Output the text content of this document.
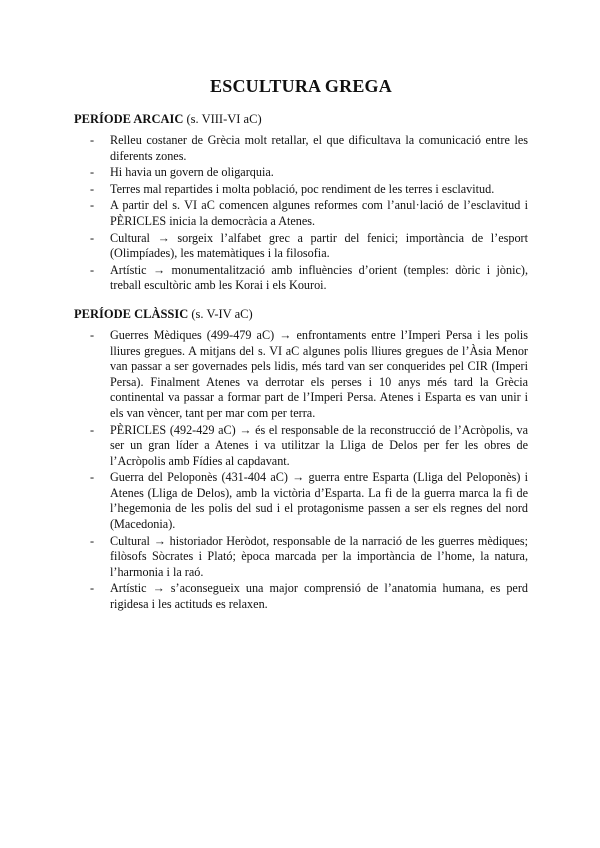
ESCULTURA GREGA
PERÍODE ARCAIC (s. VIII-VI aC)
- Relleu costaner de Grècia molt retallar, el que dificultava la comunicació entre les diferents zones.
- Hi havia un govern de oligarquia.
- Terres mal repartides i molta població, poc rendiment de les terres i esclavitud.
- A partir del s. VI aC comencen algunes reformes com l’anul·lació de l’esclavitud i PÈRICLES inicia la democràcia a Atenes.
- Cultural → sorgeix l’alfabet grec a partir del fenici; importància de l’esport (Olimpíades), les matemàtiques i la filosofia.
- Artístic → monumentalització amb influències d’orient (temples: dòric i jònic), treball escultòric amb les Korai i els Kouroi.
PERÍODE CLÀSSIC (s. V-IV aC)
- Guerres Mèdiques (499-479 aC) → enfrontaments entre l’Imperi Persa i les polis lliures gregues. A mitjans del s. VI aC algunes polis lliures gregues de l’Àsia Menor van passar a ser governades pels lidis, més tard van ser conquerides pel CIR (Imperi Persa). Finalment Atenes va derrotar els perses i 10 anys més tard la Grècia continental va passar a formar part de l’Imperi Persa. Atenes i Esparta es van unir i els van vèncer, tant per mar com per terra.
- PÈRICLES (492-429 aC) → és el responsable de la reconstrucció de l’Acròpolis, va ser un gran líder a Atenes i va utilitzar la Lliga de Delos per fer les obres de l’Acròpolis amb Fídies al capdavant.
- Guerra del Peloponès (431-404 aC) → guerra entre Esparta (Lliga del Peloponès) i Atenes (Lliga de Delos), amb la victòria d’Esparta. La fi de la guerra marca la fi de l’hegemonia de les polis del sud i el protagonisme passen a ser els regnes del nord (Macedonia).
- Cultural → historiador Heròdot, responsable de la narració de les guerres mèdiques; filòsofs Sòcrates i Plató; època marcada per la importància de l’home, la natura, l’harmonia i la raó.
- Artístic → s’aconsegueix una major comprensió de l’anatomia humana, es perd rigidesa i les actituds es relaxen.
